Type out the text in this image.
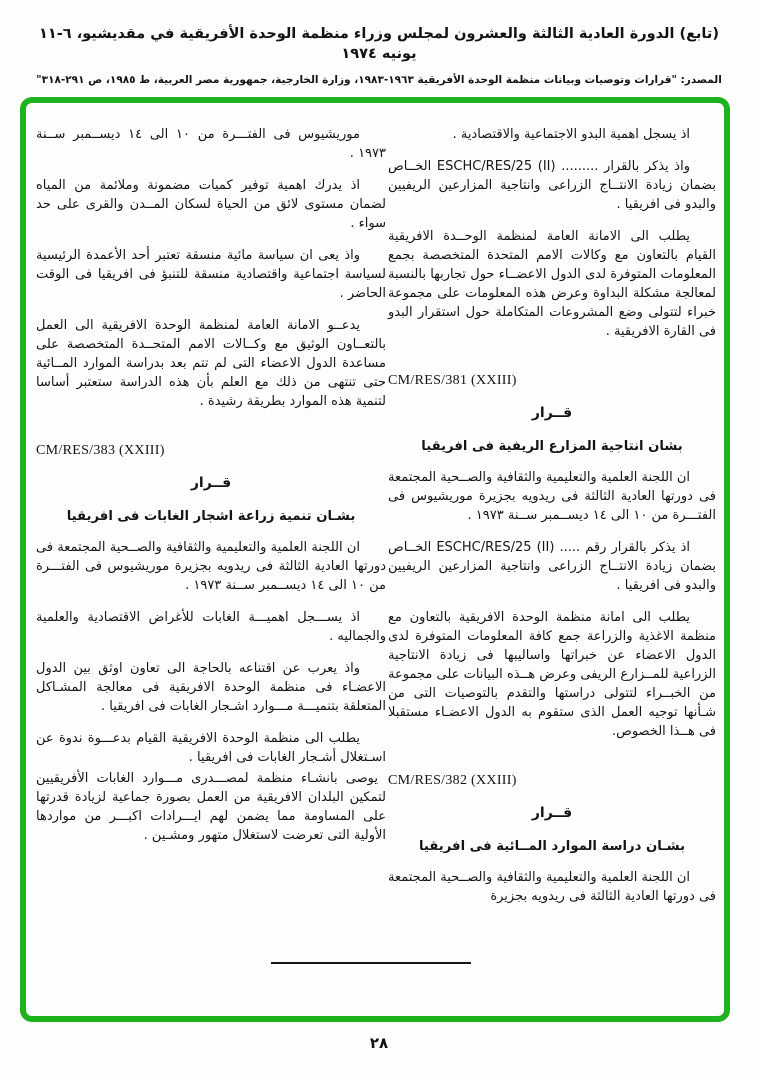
(تابع) الدورة العادية الثالثة والعشرون لمجلس وزراء منظمة الوحدة الأفريقية في مقديشيو، ٦-١١ يونيه ١٩٧٤
المصدر: "قرارات وتوصيات وبيانات منظمة الوحدة الأفريقية ١٩٦٣-١٩٨٣، وزارة الخارجية، جمهورية مصر العربية، ط ١٩٨٥، ص ٢٩١-٣١٨"

اذ يسجل اهمية البدو الاجتماعية والاقتصادية .

واذ يذكر بالقرار ......... ESCHC/RES/25 (II) الخــاص بضمان زيادة الانتــاج الزراعى وانتاجية المزارعين الريفيين والبدو فى افريقيا .

يطلب الى الامانة العامة لمنظمة الوحــدة الافريقية القيام بالتعاون مع وكالات الامم المتحدة المتخصصة بجمع المعلومات المتوفرة لدى الدول الاعضــاء حول تجاربها بالنسبة لمعالجة مشكلة البداوة وعرض هذه المعلومات على مجموعة خبراء لتتولى وضع المشروعات المتكاملة حول استقرار البدو فى القارة الافريقية .

CM/RES/381 (XXIII)

قــرار

بشان انتاجية المزارع الريفية فى افريقيا

ان اللجنة العلمية والتعليمية والثقافية والصــحية المجتمعة فى دورتها العادية الثالثة فى ريدويه بجزيرة موريشيوس فى الفتـــرة من ١٠ الى ١٤ ديســمبر ســنة ١٩٧٣ .

اذ يذكر بالقرار رقم ..... ESCHC/RES/25 (II) الخــاص بضمان زيادة الانتــاج الزراعى وانتاجية المزارعين الريفيين والبدو فى افريقيا .

يطلب الى امانة منظمة الوحدة الافريقية بالتعاون مع منظمة الاغذية والزراعة جمع كافة المعلومات المتوفرة لدى الدول الاعضاء عن خبراتها واساليبها فى زيادة الانتاجية الزراعية للمــزارع الريفى وعرض هــذه البيانات على مجموعة من الخبــراء لتتولى دراستها والتقدم بالتوصيات التى من شـأنها توجيه العمل الذى ستقوم به الدول الاعضـاء مستقبلا فى هــذا الخصوص.

CM/RES/382 (XXIII)

قــرار

بشـان دراسة الموارد المــائية فى افريقيا

ان اللجنة العلمية والتعليمية والثقافية والصــحية المجتمعة فى دورتها العادية الثالثة فى ريدويه بجزيرة

موريشيوس فى الفتـــرة من ١٠ الى ١٤ ديســمبر ســنة ١٩٧٣ .

اذ يدرك اهمية توفير كميات مضمونة وملائمة من المياه لضمان مستوى لائق من الحياة لسكان المــدن والقرى على حد سواء .

واذ يعى ان سياسة مائية منسقة تعتبر أحد الأعمدة الرئيسية لسياسة اجتماعية واقتصادية منسقة للتنبؤ فى افريقيا فى الوقت الحاضر .

يدعــو الامانة العامة لمنظمة الوحدة الافريقية الى العمل بالتعــاون الوثيق مع وكــالات الامم المتحــدة المتخصصة على مساعدة الدول الاعضاء التى لم تتم بعد بدراسة الموارد المــائية حتى تنتهى من ذلك مع العلم بأن هذه الدراسة ستعتبر أساسا لتنمية هذه الموارد بطريقة رشيدة .

CM/RES/383 (XXIII)

قــرار

بشـان تنمية زراعة اشجار الغابات فى افريقيا

ان اللجنة العلمية والتعليمية والثقافية والصــحية المجتمعة فى دورتها العادية الثالثة فى ريدويه بجزيرة موريشيوس فى الفتـــرة من ١٠ الى ١٤ ديســمبر ســنة ١٩٧٣ .

اذ يســـجل اهميـــة الغابات للأغراض الاقتصادية والعلمية والجماليه .

واذ يعرب عن اقتناعه بالحاجة الى تعاون اوثق بين الدول الاعضـاء فى منظمة الوحدة الافريقية فى معالجة المشـاكل المتعلقة بتنميـــة مـــوارد اشـجار الغابات فى افريقيا .

يطلب الى منظمة الوحدة الافريقية القيام بدعـــوة ندوة عن اسـتغلال أشـجار الغابات فى افريقيا .

يوصى بانشـاء منظمة لمصـــدرى مـــوارد الغابات الأفريقيين لتمكين البلدان الافريقية من العمل بصورة جماعية لزيادة قدرتها على المساومة مما يضمن لهم ايـــرادات اكبـــر من مواردها الأولية التى تعرضت لاستغلال متهور ومشـين .

٢٨
